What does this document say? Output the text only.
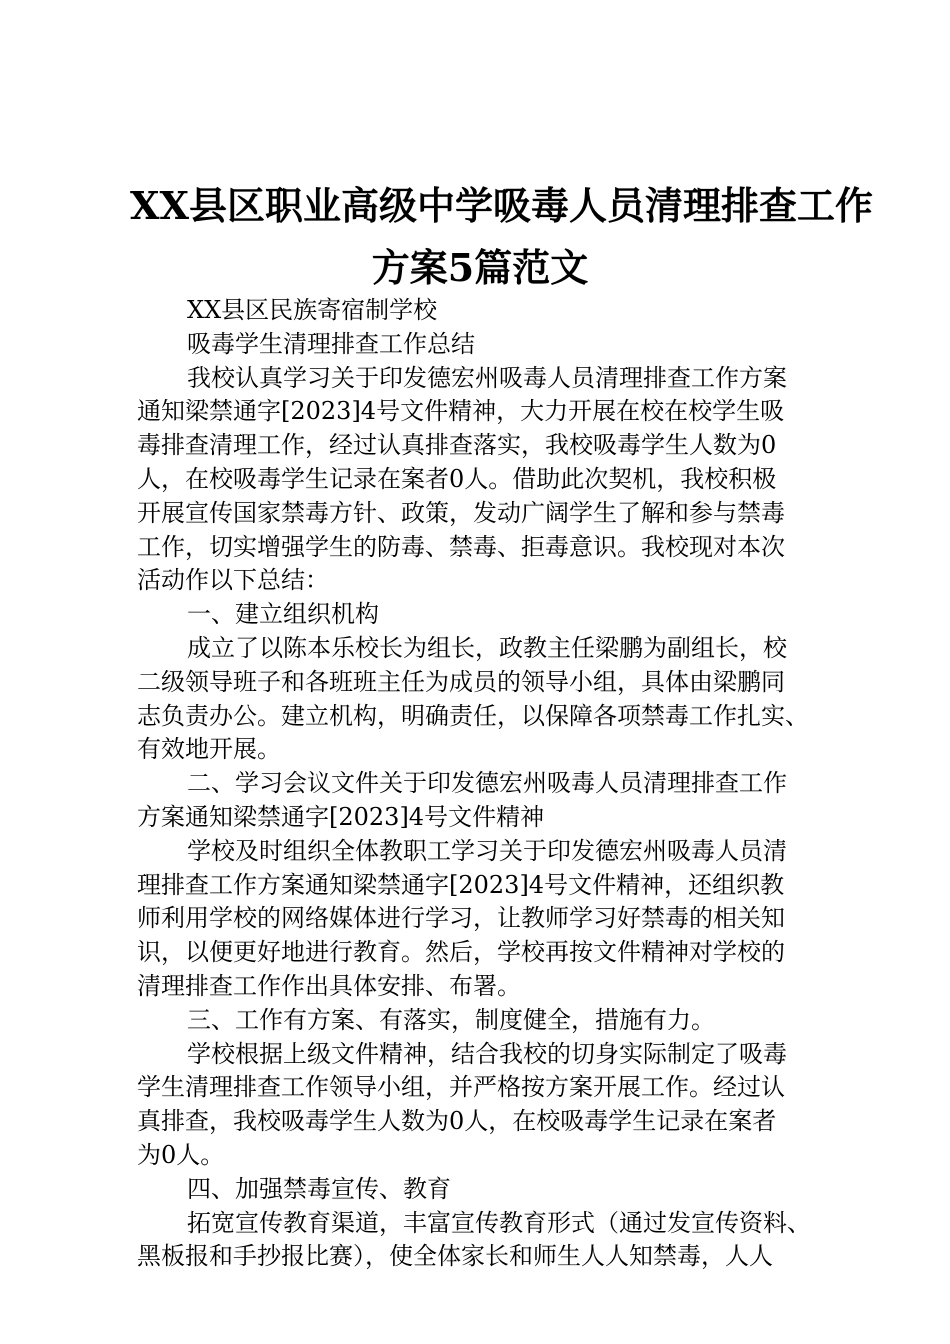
XX县区职业高级中学吸毒人员清理排查工作
方案5篇范文
XX县区民族寄宿制学校
吸毒学生清理排查工作总结
我校认真学习关于印发德宏州吸毒人员清理排查工作方案
通知梁禁通字[2023]4号文件精神，大力开展在校在校学生吸
毒排查清理工作，经过认真排查落实，我校吸毒学生人数为0
人，在校吸毒学生记录在案者0人。借助此次契机，我校积极
开展宣传国家禁毒方针、政策，发动广阔学生了解和参与禁毒
工作，切实增强学生的防毒、禁毒、拒毒意识。我校现对本次
活动作以下总结：
一、建立组织机构
成立了以陈本乐校长为组长，政教主任梁鹏为副组长，校
二级领导班子和各班班主任为成员的领导小组，具体由梁鹏同
志负责办公。建立机构，明确责任，以保障各项禁毒工作扎实、
有效地开展。
二、学习会议文件关于印发德宏州吸毒人员清理排查工作
方案通知梁禁通字[2023]4号文件精神
学校及时组织全体教职工学习关于印发德宏州吸毒人员清
理排查工作方案通知梁禁通字[2023]4号文件精神，还组织教
师利用学校的网络媒体进行学习，让教师学习好禁毒的相关知
识，以便更好地进行教育。然后，学校再按文件精神对学校的
清理排查工作作出具体安排、布署。
三、工作有方案、有落实，制度健全，措施有力。
学校根据上级文件精神，结合我校的切身实际制定了吸毒
学生清理排查工作领导小组，并严格按方案开展工作。经过认
真排查，我校吸毒学生人数为0人，在校吸毒学生记录在案者
为0人。
四、加强禁毒宣传、教育
拓宽宣传教育渠道，丰富宣传教育形式（通过发宣传资料、
黑板报和手抄报比赛），使全体家长和师生人人知禁毒，人人
